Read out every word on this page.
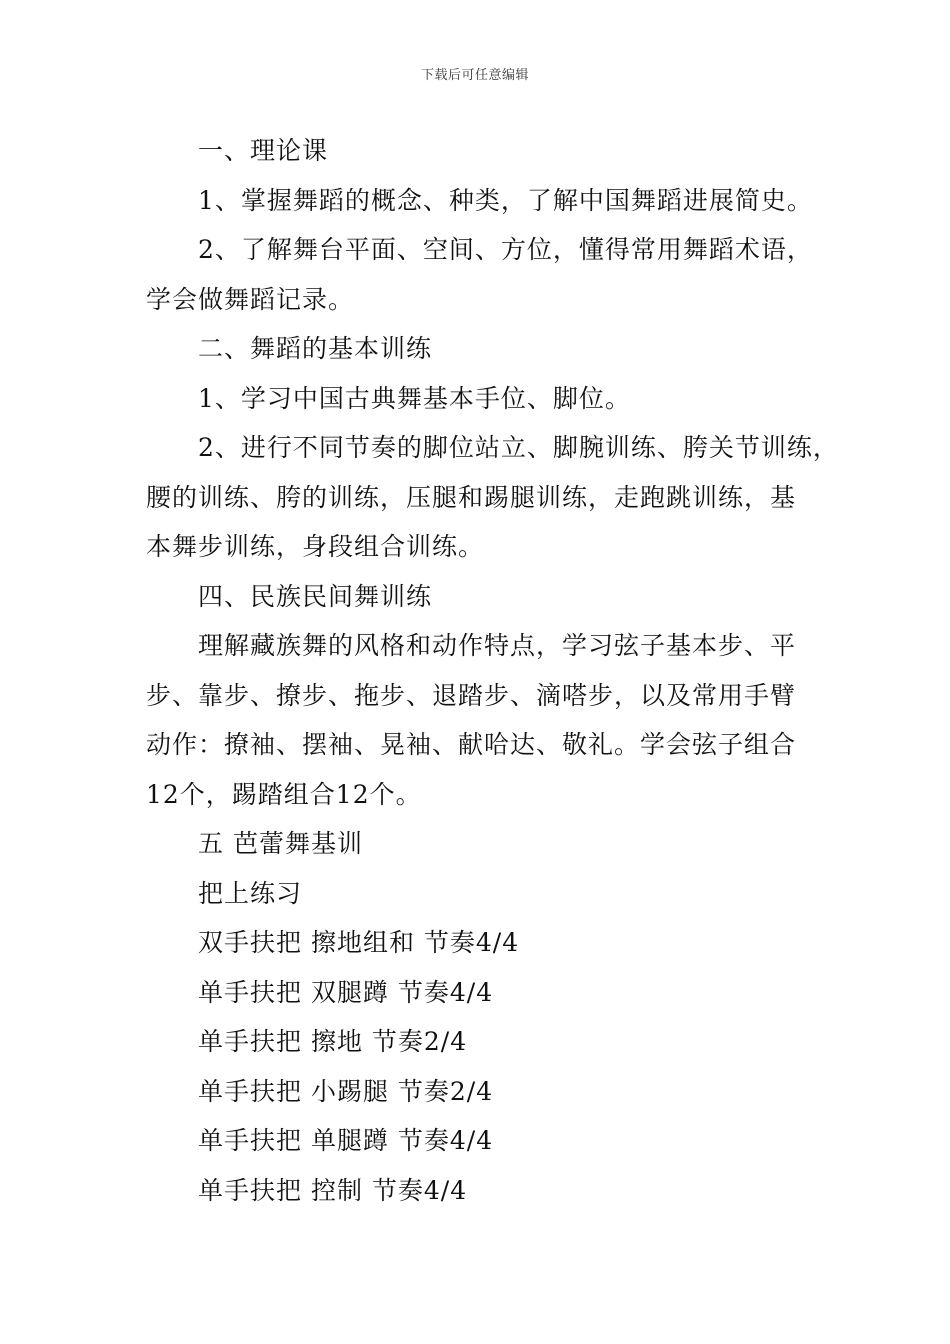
下载后可任意编辑
一、理论课
1、掌握舞蹈的概念、种类，了解中国舞蹈进展简史。
2、了解舞台平面、空间、方位，懂得常用舞蹈术语，
学会做舞蹈记录。
二、舞蹈的基本训练
1、学习中国古典舞基本手位、脚位。
2、进行不同节奏的脚位站立、脚腕训练、胯关节训练，
腰的训练、胯的训练，压腿和踢腿训练，走跑跳训练，基
本舞步训练，身段组合训练。
四、民族民间舞训练
理解藏族舞的风格和动作特点，学习弦子基本步、平
步、靠步、撩步、拖步、退踏步、滴嗒步，以及常用手臂
动作：撩袖、摆袖、晃袖、献哈达、敬礼。学会弦子组合
12个，踢踏组合12个。
五 芭蕾舞基训
把上练习
双手扶把 擦地组和 节奏4/4
单手扶把 双腿蹲 节奏4/4
单手扶把 擦地 节奏2/4
单手扶把 小踢腿 节奏2/4
单手扶把 单腿蹲 节奏4/4
单手扶把 控制 节奏4/4
